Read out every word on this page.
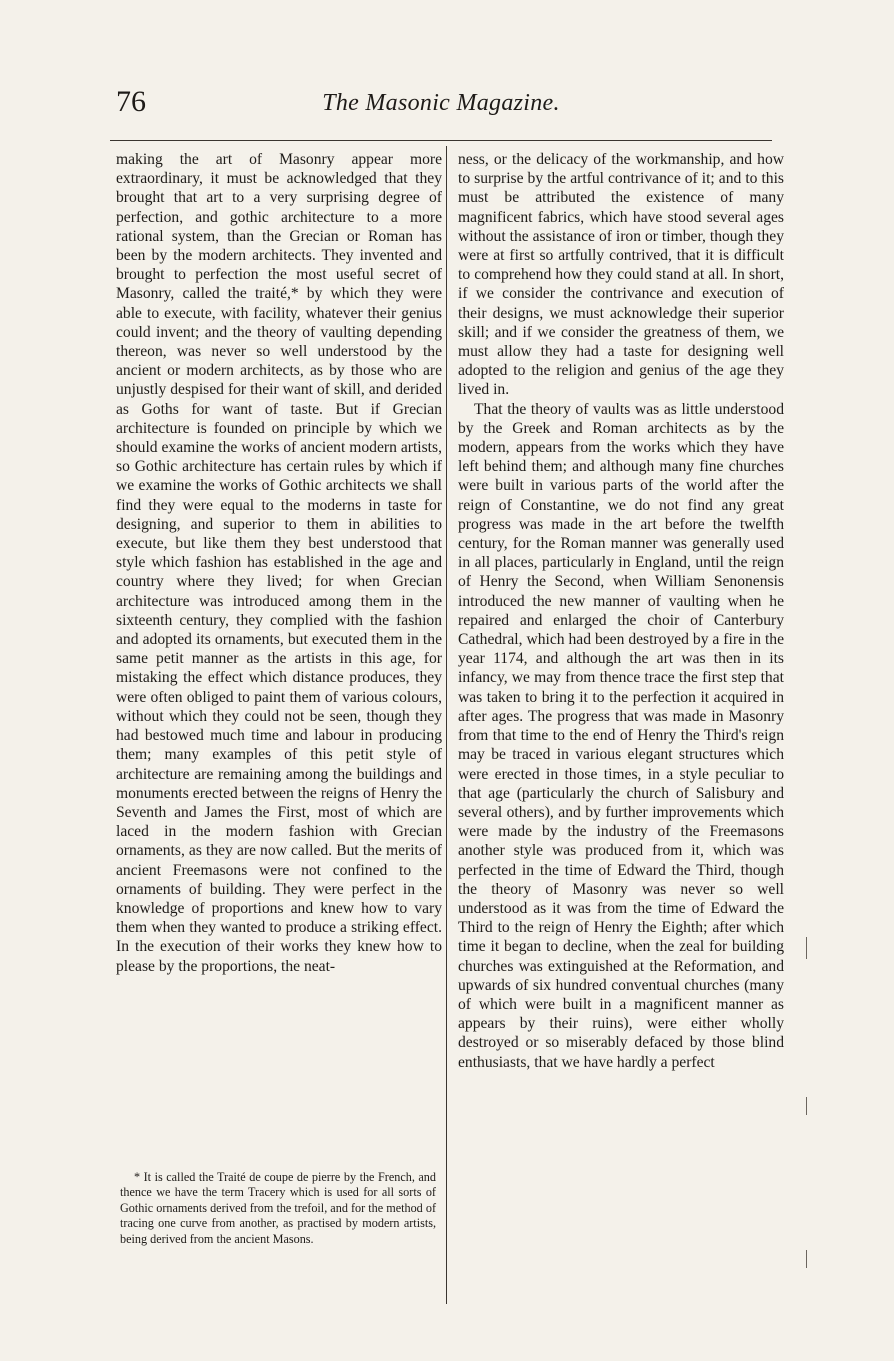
76	The Masonic Magazine.

making the art of Masonry appear more extraordinary, it must be acknowledged that they brought that art to a very surprising degree of perfection, and gothic architecture to a more rational system, than the Grecian or Roman has been by the modern architects. They invented and brought to perfection the most useful secret of Masonry, called the traité,* by which they were able to execute, with facility, whatever their genius could invent; and the theory of vaulting depending thereon, was never so well understood by the ancient or modern architects, as by those who are unjustly despised for their want of skill, and derided as Goths for want of taste. But if Grecian architecture is founded on principle by which we should examine the works of ancient modern artists, so Gothic architecture has certain rules by which if we examine the works of Gothic architects we shall find they were equal to the moderns in taste for designing, and superior to them in abilities to execute, but like them they best understood that style which fashion has established in the age and country where they lived; for when Grecian architecture was introduced among them in the sixteenth century, they complied with the fashion and adopted its ornaments, but executed them in the same petit manner as the artists in this age, for mistaking the effect which distance produces, they were often obliged to paint them of various colours, without which they could not be seen, though they had bestowed much time and labour in producing them; many examples of this petit style of architecture are remaining among the buildings and monuments erected between the reigns of Henry the Seventh and James the First, most of which are laced in the modern fashion with Grecian ornaments, as they are now called. But the merits of ancient Freemasons were not confined to the ornaments of building. They were perfect in the knowledge of proportions and knew how to vary them when they wanted to produce a striking effect. In the execution of their works they knew how to please by the proportions, the neat-

ness, or the delicacy of the workmanship, and how to surprise by the artful contrivance of it; and to this must be attributed the existence of many magnificent fabrics, which have stood several ages without the assistance of iron or timber, though they were at first so artfully contrived, that it is difficult to comprehend how they could stand at all. In short, if we consider the contrivance and execution of their designs, we must acknowledge their superior skill; and if we consider the greatness of them, we must allow they had a taste for designing well adopted to the religion and genius of the age they lived in.

That the theory of vaults was as little understood by the Greek and Roman architects as by the modern, appears from the works which they have left behind them; and although many fine churches were built in various parts of the world after the reign of Constantine, we do not find any great progress was made in the art before the twelfth century, for the Roman manner was generally used in all places, particularly in England, until the reign of Henry the Second, when William Senonensis introduced the new manner of vaulting when he repaired and enlarged the choir of Canterbury Cathedral, which had been destroyed by a fire in the year 1174, and although the art was then in its infancy, we may from thence trace the first step that was taken to bring it to the perfection it acquired in after ages. The progress that was made in Masonry from that time to the end of Henry the Third's reign may be traced in various elegant structures which were erected in those times, in a style peculiar to that age (particularly the church of Salisbury and several others), and by further improvements which were made by the industry of the Freemasons another style was produced from it, which was perfected in the time of Edward the Third, though the theory of Masonry was never so well understood as it was from the time of Edward the Third to the reign of Henry the Eighth; after which time it began to decline, when the zeal for building churches was extinguished at the Reformation, and upwards of six hundred conventual churches (many of which were built in a magnificent manner as appears by their ruins), were either wholly destroyed or so miserably defaced by those blind enthusiasts, that we have hardly a perfect

* It is called the Traité de coupe de pierre by the French, and thence we have the term Tracery which is used for all sorts of Gothic ornaments derived from the trefoil, and for the method of tracing one curve from another, as practised by modern artists, being derived from the ancient Masons.
